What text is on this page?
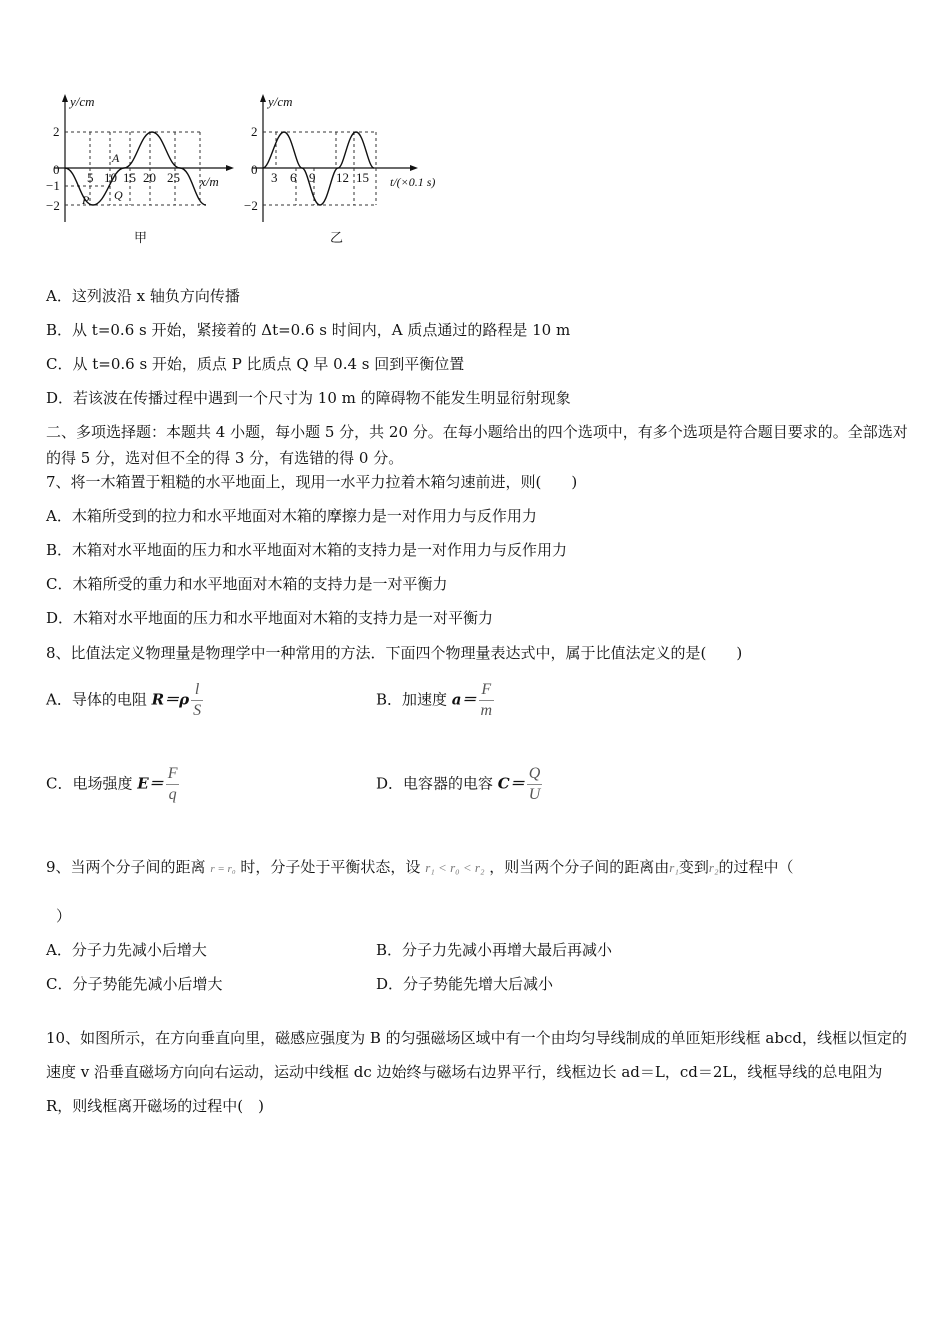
y/cm
x/m
2
0
−1
−2
5 10 15 20 25
A
P Q
甲
y/cm
t/(×0.1 s)
2
0
−2
3 6 9 12 15
乙
A．这列波沿 x 轴负方向传播
B．从 t=0.6 s 开始，紧接着的 Δt=0.6 s 时间内，A 质点通过的路程是 10 m
C．从 t=0.6 s 开始，质点 P 比质点 Q 早 0.4 s 回到平衡位置
D．若该波在传播过程中遇到一个尺寸为 10 m 的障碍物不能发生明显衍射现象
二、多项选择题：本题共 4 小题，每小题 5 分，共 20 分。在每小题给出的四个选项中，有多个选项是符合题目要求的。全部选对的得 5 分，选对但不全的得 3 分，有选错的得 0 分。
7、将一木箱置于粗糙的水平地面上，现用一水平力拉着木箱匀速前进，则(　　)
A．木箱所受到的拉力和水平地面对木箱的摩擦力是一对作用力与反作用力
B．木箱对水平地面的压力和水平地面对木箱的支持力是一对作用力与反作用力
C．木箱所受的重力和水平地面对木箱的支持力是一对平衡力
D．木箱对水平地面的压力和水平地面对木箱的支持力是一对平衡力
8、比值法定义物理量是物理学中一种常用的方法．下面四个物理量表达式中，属于比值法定义的是(　　)
A．导体的电阻 $R=\rho \frac{l}{S}$	B．加速度 $a= \frac{F}{m}$
C．电场强度 $E= \frac{F}{q}$	D．电容器的电容 $C= \frac{Q}{U}$
9、当两个分子间的距离 r = r₀ 时，分子处于平衡状态，设 r₁ < r₀ < r₂ ，则当两个分子间的距离由r₁变到r₂的过程中（
）
A．分子力先减小后增大	B．分子力先减小再增大最后再减小
C．分子势能先减小后增大	D．分子势能先增大后减小
10、如图所示，在方向垂直向里，磁感应强度为 B 的匀强磁场区域中有一个由均匀导线制成的单匝矩形线框 abcd，线框以恒定的速度 v 沿垂直磁场方向向右运动，运动中线框 dc 边始终与磁场右边界平行，线框边长 ad＝L，cd＝2L，线框导线的总电阻为 R，则线框离开磁场的过程中(　)
